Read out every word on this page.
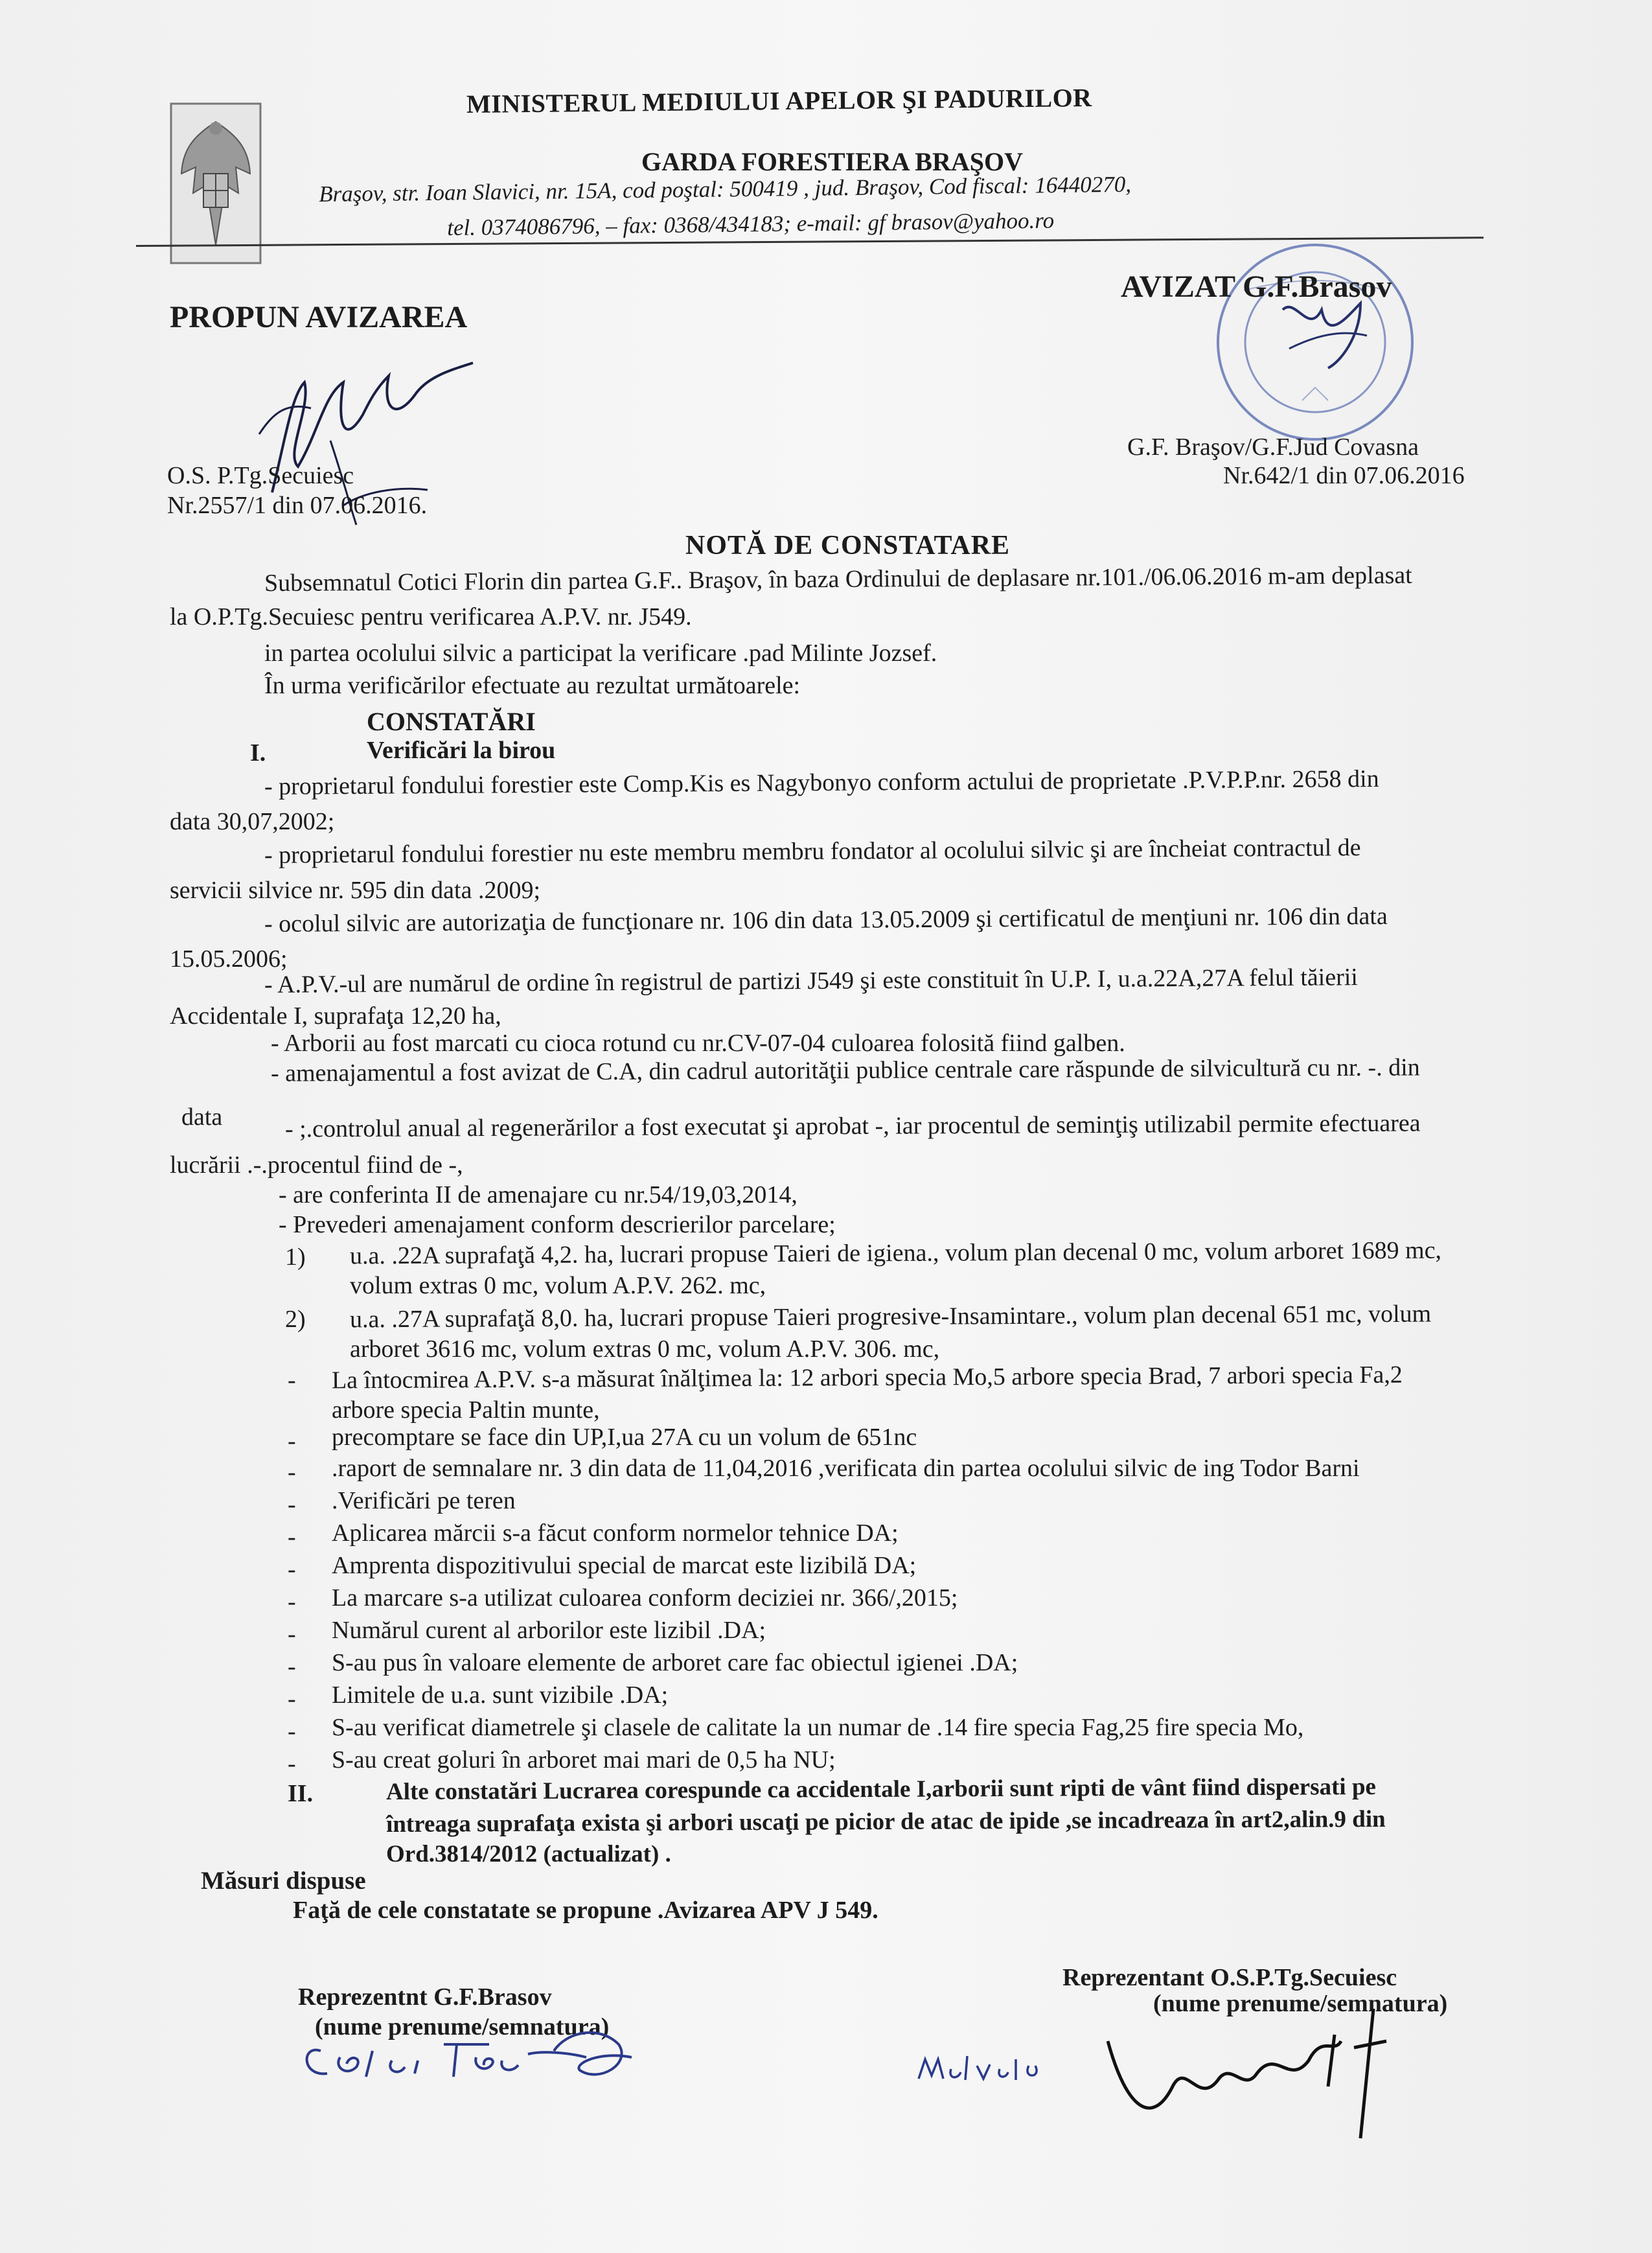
MINISTERUL MEDIULUI APELOR ŞI PADURILOR
GARDA FORESTIERA BRAŞOV
Braşov, str. Ioan Slavici, nr. 15A, cod poştal: 500419 , jud. Braşov, Cod fiscal: 16440270,
tel. 0374086796, – fax: 0368/434183; e-mail: gf brasov@yahoo.ro
PROPUN AVIZAREA
O.S. P.Tg.Secuiesc
Nr.2557/1 din 07.06.2016.
AVIZAT G.F.Brasov
G.F. Braşov/G.F.Jud Covasna
Nr.642/1 din 07.06.2016
NOTĂ DE CONSTATARE
Subsemnatul Cotici Florin din partea G.F.. Braşov, în baza Ordinului de deplasare nr.101./06.06.2016 m-am deplasat
la O.P.Tg.Secuiesc pentru verificarea A.P.V. nr. J549.
in partea ocolului silvic a participat la verificare .pad Milinte Jozsef.
În urma verificărilor efectuate au rezultat următoarele:
CONSTATĂRI
I.	Verificări la birou
- proprietarul fondului forestier este Comp.Kis es Nagybonyo conform actului de proprietate .P.V.P.P.nr. 2658 din
data 30,07,2002;
- proprietarul fondului forestier nu este membru membru fondator al ocolului silvic şi are încheiat contractul de
servicii silvice nr. 595 din data .2009;
- ocolul silvic are autorizaţia de funcţionare nr. 106 din data 13.05.2009 şi certificatul de menţiuni nr. 106 din data
15.05.2006;
- A.P.V.-ul are numărul de ordine în registrul de partizi J549 şi este constituit în U.P. I, u.a.22A,27A felul tăierii
Accidentale I, suprafaţa 12,20 ha,
- Arborii au fost marcati cu cioca rotund cu nr.CV-07-04 culoarea folosită fiind galben.
- amenajamentul a fost avizat de C.A, din cadrul autorităţii publice centrale care răspunde de silvicultură cu nr. -. din
data	- ;.controlul anual al regenerărilor a fost executat şi aprobat -, iar procentul de seminţiş utilizabil permite efectuarea
lucrării .-.procentul fiind de -,
- are conferinta II de amenajare cu nr.54/19,03,2014,
- Prevederi amenajament conform descrierilor parcelare;
1) u.a. .22A suprafaţă 4,2. ha, lucrari propuse Taieri de igiena., volum plan decenal 0 mc, volum arboret 1689 mc,
volum extras 0 mc, volum A.P.V. 262. mc,
2) u.a. .27A suprafaţă 8,0. ha, lucrari propuse Taieri progresive-Insamintare., volum plan decenal 651 mc, volum
arboret 3616 mc, volum extras 0 mc, volum A.P.V. 306. mc,
- La întocmirea A.P.V. s-a măsurat înălţimea la: 12 arbori specia Mo,5 arbore specia Brad, 7 arbori specia Fa,2
arbore specia Paltin munte,
- precomptare se face din UP,I,ua 27A cu un volum de 651nc
- .raport de semnalare nr. 3 din data de 11,04,2016 ,verificata din partea ocolului silvic de ing Todor Barni
- .Verificări pe teren
- Aplicarea mărcii s-a făcut conform normelor tehnice DA;
- Amprenta dispozitivului special de marcat este lizibilă DA;
- La marcare s-a utilizat culoarea conform deciziei nr. 366/,2015;
- Numărul curent al arborilor este lizibil .DA;
- S-au pus în valoare elemente de arboret care fac obiectul igienei .DA;
- Limitele de u.a. sunt vizibile .DA;
- S-au verificat diametrele şi clasele de calitate la un numar de .14 fire specia Fag,25 fire specia Mo,
- S-au creat goluri în arboret mai mari de 0,5 ha NU;
II.	Alte constatări Lucrarea corespunde ca accidentale I,arborii sunt ripti de vânt fiind dispersati pe
întreaga suprafaţa exista şi arbori uscaţi pe picior de atac de ipide ,se incadreaza în art2,alin.9 din
Ord.3814/2012 (actualizat) .
Măsuri dispuse
Faţă de cele constatate se propune .Avizarea APV J 549.
Reprezentnt G.F.Brasov
(nume prenume/semnatura)
Reprezentant O.S.P.Tg.Secuiesc
(nume prenume/semnatura)
